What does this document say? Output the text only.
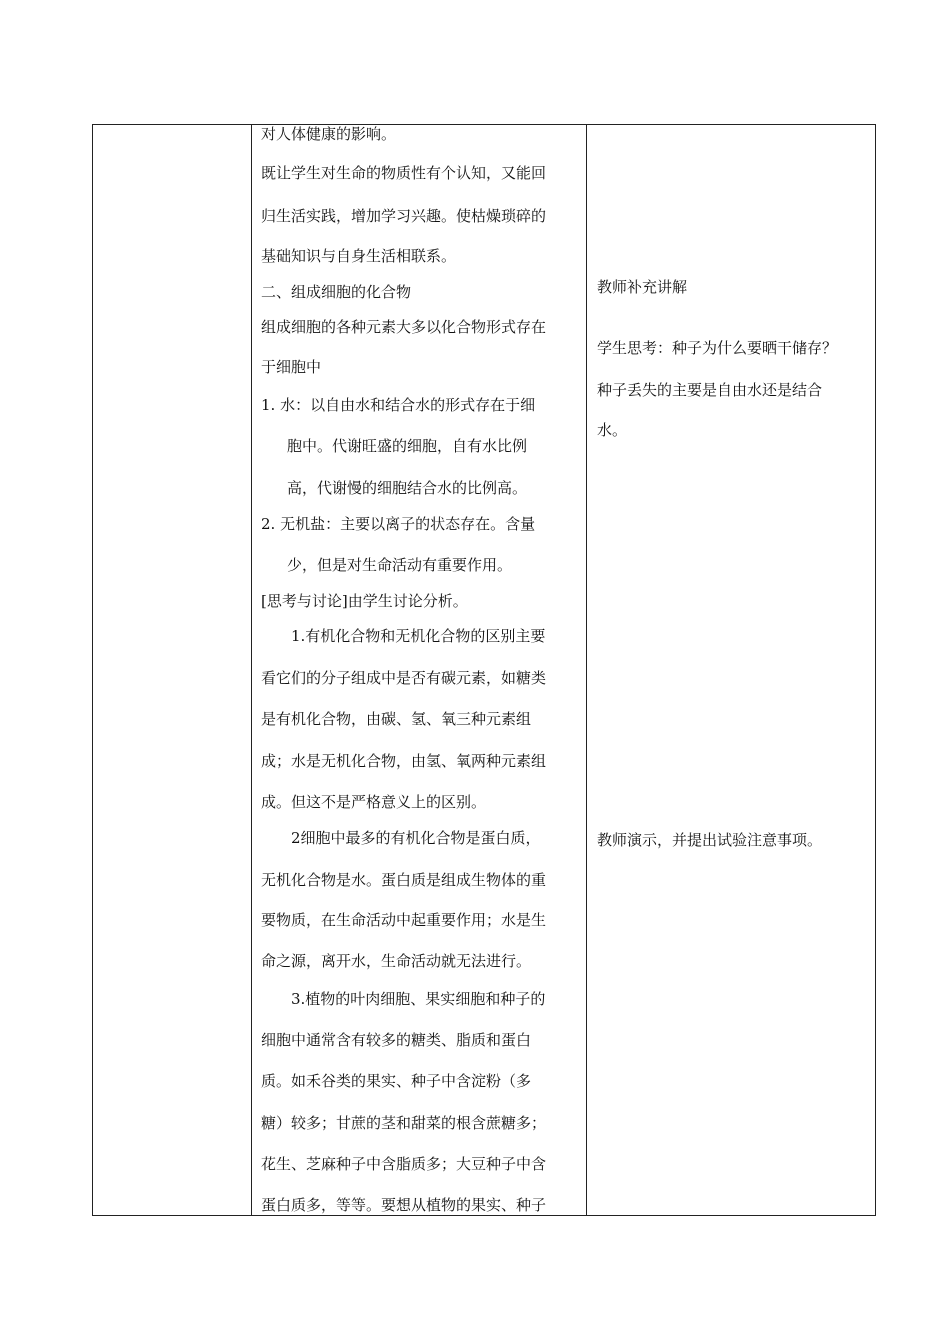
对人体健康的影响。
既让学生对生命的物质性有个认知，又能回
归生活实践，增加学习兴趣。使枯燥琐碎的
基础知识与自身生活相联系。
二、组成细胞的化合物
组成细胞的各种元素大多以化合物形式存在
于细胞中
1. 水：以自由水和结合水的形式存在于细
胞中。代谢旺盛的细胞，自有水比例
高，代谢慢的细胞结合水的比例高。
2. 无机盐：主要以离子的状态存在。含量
少，但是对生命活动有重要作用。
[思考与讨论]由学生讨论分析。
1.有机化合物和无机化合物的区别主要
看它们的分子组成中是否有碳元素，如糖类
是有机化合物，由碳、氢、氧三种元素组
成；水是无机化合物，由氢、氧两种元素组
成。但这不是严格意义上的区别。
2细胞中最多的有机化合物是蛋白质，
无机化合物是水。蛋白质是组成生物体的重
要物质，在生命活动中起重要作用；水是生
命之源，离开水，生命活动就无法进行。
3.植物的叶肉细胞、果实细胞和种子的
细胞中通常含有较多的糖类、脂质和蛋白
质。如禾谷类的果实、种子中含淀粉（多
糖）较多；甘蔗的茎和甜菜的根含蔗糖多；
花生、芝麻种子中含脂质多；大豆种子中含
蛋白质多，等等。要想从植物的果实、种子
教师补充讲解
学生思考：种子为什么要晒干储存？
种子丢失的主要是自由水还是结合
水。
教师演示，并提出试验注意事项。
